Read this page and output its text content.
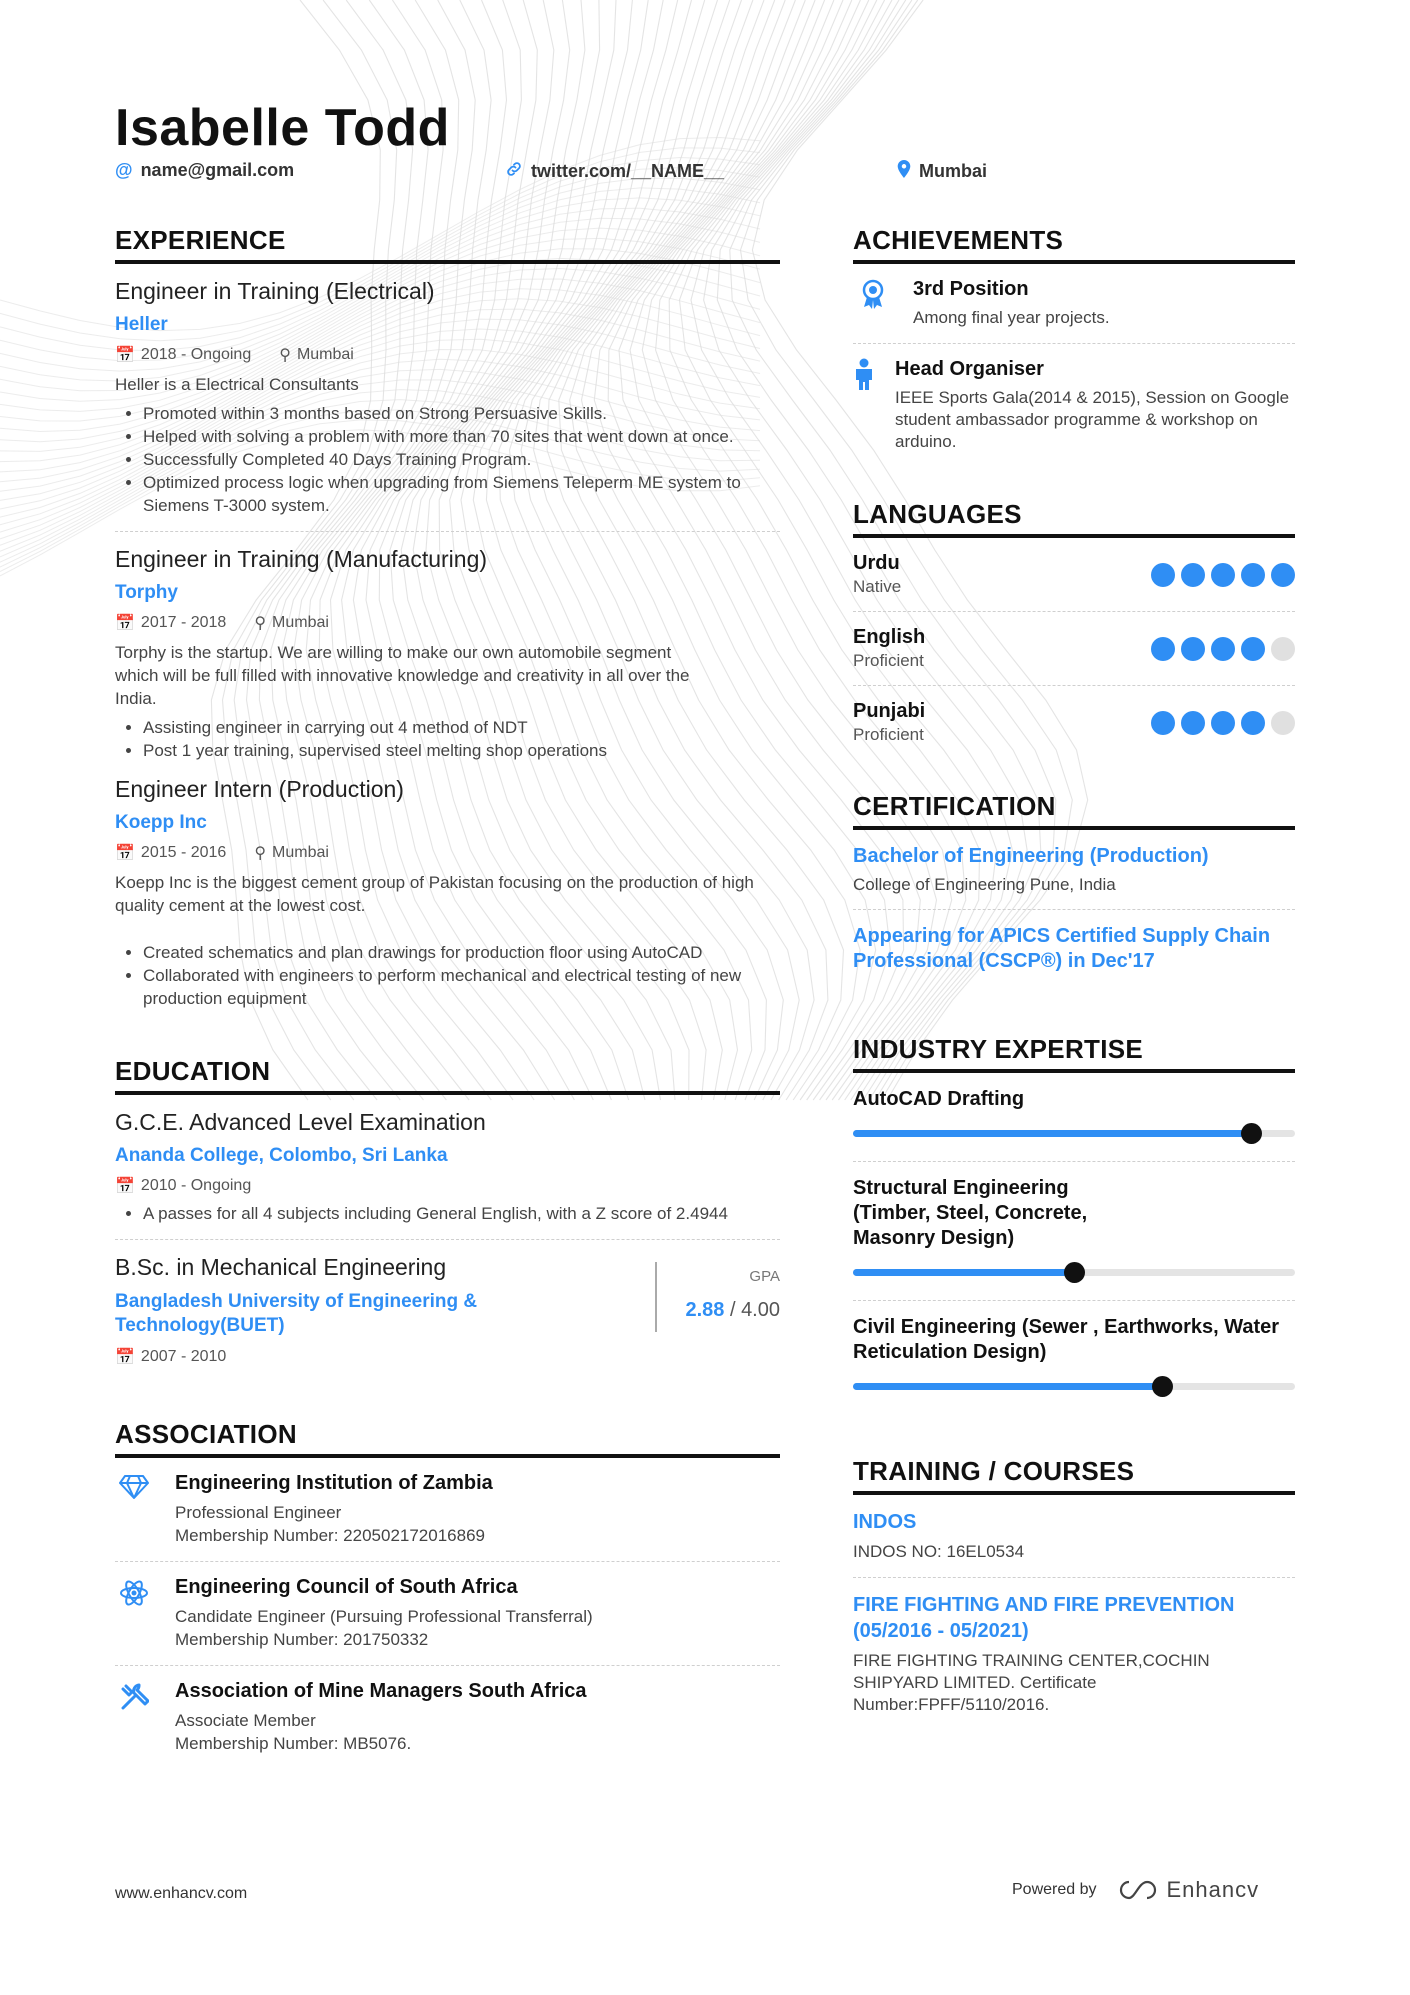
Isabelle Todd
@ name@gmail.com	twitter.com/__NAME__	Mumbai
EXPERIENCE
Engineer in Training (Electrical)
Heller
📅 2018 - Ongoing ⚲ Mumbai
Heller is a Electrical Consultants
• Promoted within 3 months based on Strong Persuasive Skills.
• Helped with solving a problem with more than 70 sites that went down at once.
• Successfully Completed 40 Days Training Program.
• Optimized process logic when upgrading from Siemens Teleperm ME system to Siemens T-3000 system.
Engineer in Training (Manufacturing)
Torphy
📅 2017 - 2018 ⚲ Mumbai
Torphy is the startup. We are willing to make our own automobile segment which will be full filled with innovative knowledge and creativity in all over the India.
• Assisting engineer in carrying out 4 method of NDT
• Post 1 year training, supervised steel melting shop operations
Engineer Intern (Production)
Koepp Inc
📅 2015 - 2016 ⚲ Mumbai
Koepp Inc is the biggest cement group of Pakistan focusing on the production of high quality cement at the lowest cost.
• Created schematics and plan drawings for production floor using AutoCAD
• Collaborated with engineers to perform mechanical and electrical testing of new production equipment
EDUCATION
G.C.E. Advanced Level Examination
Ananda College, Colombo, Sri Lanka
📅 2010 - Ongoing
• A passes for all 4 subjects including General English, with a Z score of 2.4944
B.Sc. in Mechanical Engineering
Bangladesh University of Engineering & Technology(BUET)
📅 2007 - 2010
GPA
2.88 / 4.00
ASSOCIATION
Engineering Institution of Zambia
Professional Engineer
Membership Number: 220502172016869
Engineering Council of South Africa
Candidate Engineer (Pursuing Professional Transferral)
Membership Number: 201750332
Association of Mine Managers South Africa
Associate Member
Membership Number: MB5076.
ACHIEVEMENTS
3rd Position
Among final year projects.
Head Organiser
IEEE Sports Gala(2014 & 2015), Session on Google student ambassador programme & workshop on arduino.
LANGUAGES
Urdu
Native
English
Proficient
Punjabi
Proficient
CERTIFICATION
Bachelor of Engineering (Production)
College of Engineering Pune, India
Appearing for APICS Certified Supply Chain Professional (CSCP®) in Dec'17
INDUSTRY EXPERTISE
AutoCAD Drafting
Structural Engineering
(Timber, Steel, Concrete,
Masonry Design)
Civil Engineering (Sewer , Earthworks, Water Reticulation Design)
TRAINING / COURSES
INDOS
INDOS NO: 16EL0534
FIRE FIGHTING AND FIRE PREVENTION (05/2016 - 05/2021)
FIRE FIGHTING TRAINING CENTER,COCHIN SHIPYARD LIMITED. Certificate Number:FPFF/5110/2016.
www.enhancv.com	Powered by	Enhancv
